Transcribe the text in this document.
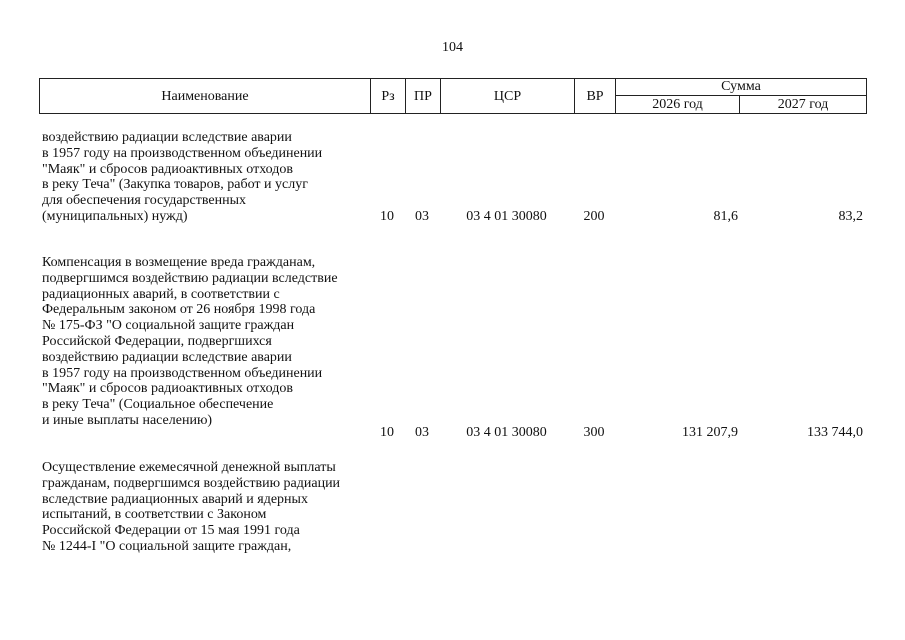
104
Наименование	Рз	ПР	ЦСР	ВР
Сумма
2026 год	2027 год
воздействию радиации вследствие аварии
в 1957 году на производственном объединении
"Маяк" и сбросов радиоактивных отходов
в реку Теча" (Закупка товаров, работ и услуг
для обеспечения государственных
(муниципальных) нужд)	10	03	03 4 01 30080	200	81,6	83,2
Компенсация в возмещение вреда гражданам,
подвергшимся воздействию радиации вследствие
радиационных аварий, в соответствии с
Федеральным законом от 26 ноября 1998 года
№ 175-ФЗ "О социальной защите граждан
Российской Федерации, подвергшихся
воздействию радиации вследствие аварии
в 1957 году на производственном объединении
"Маяк" и сбросов радиоактивных отходов
в реку Теча" (Социальное обеспечение
и иные выплаты населению)
10	03	03 4 01 30080	300	131 207,9	133 744,0
Осуществление ежемесячной денежной выплаты
гражданам, подвергшимся воздействию радиации
вследствие радиационных аварий и ядерных
испытаний, в соответствии с Законом
Российской Федерации от 15 мая 1991 года
№ 1244-I "О социальной защите граждан,
